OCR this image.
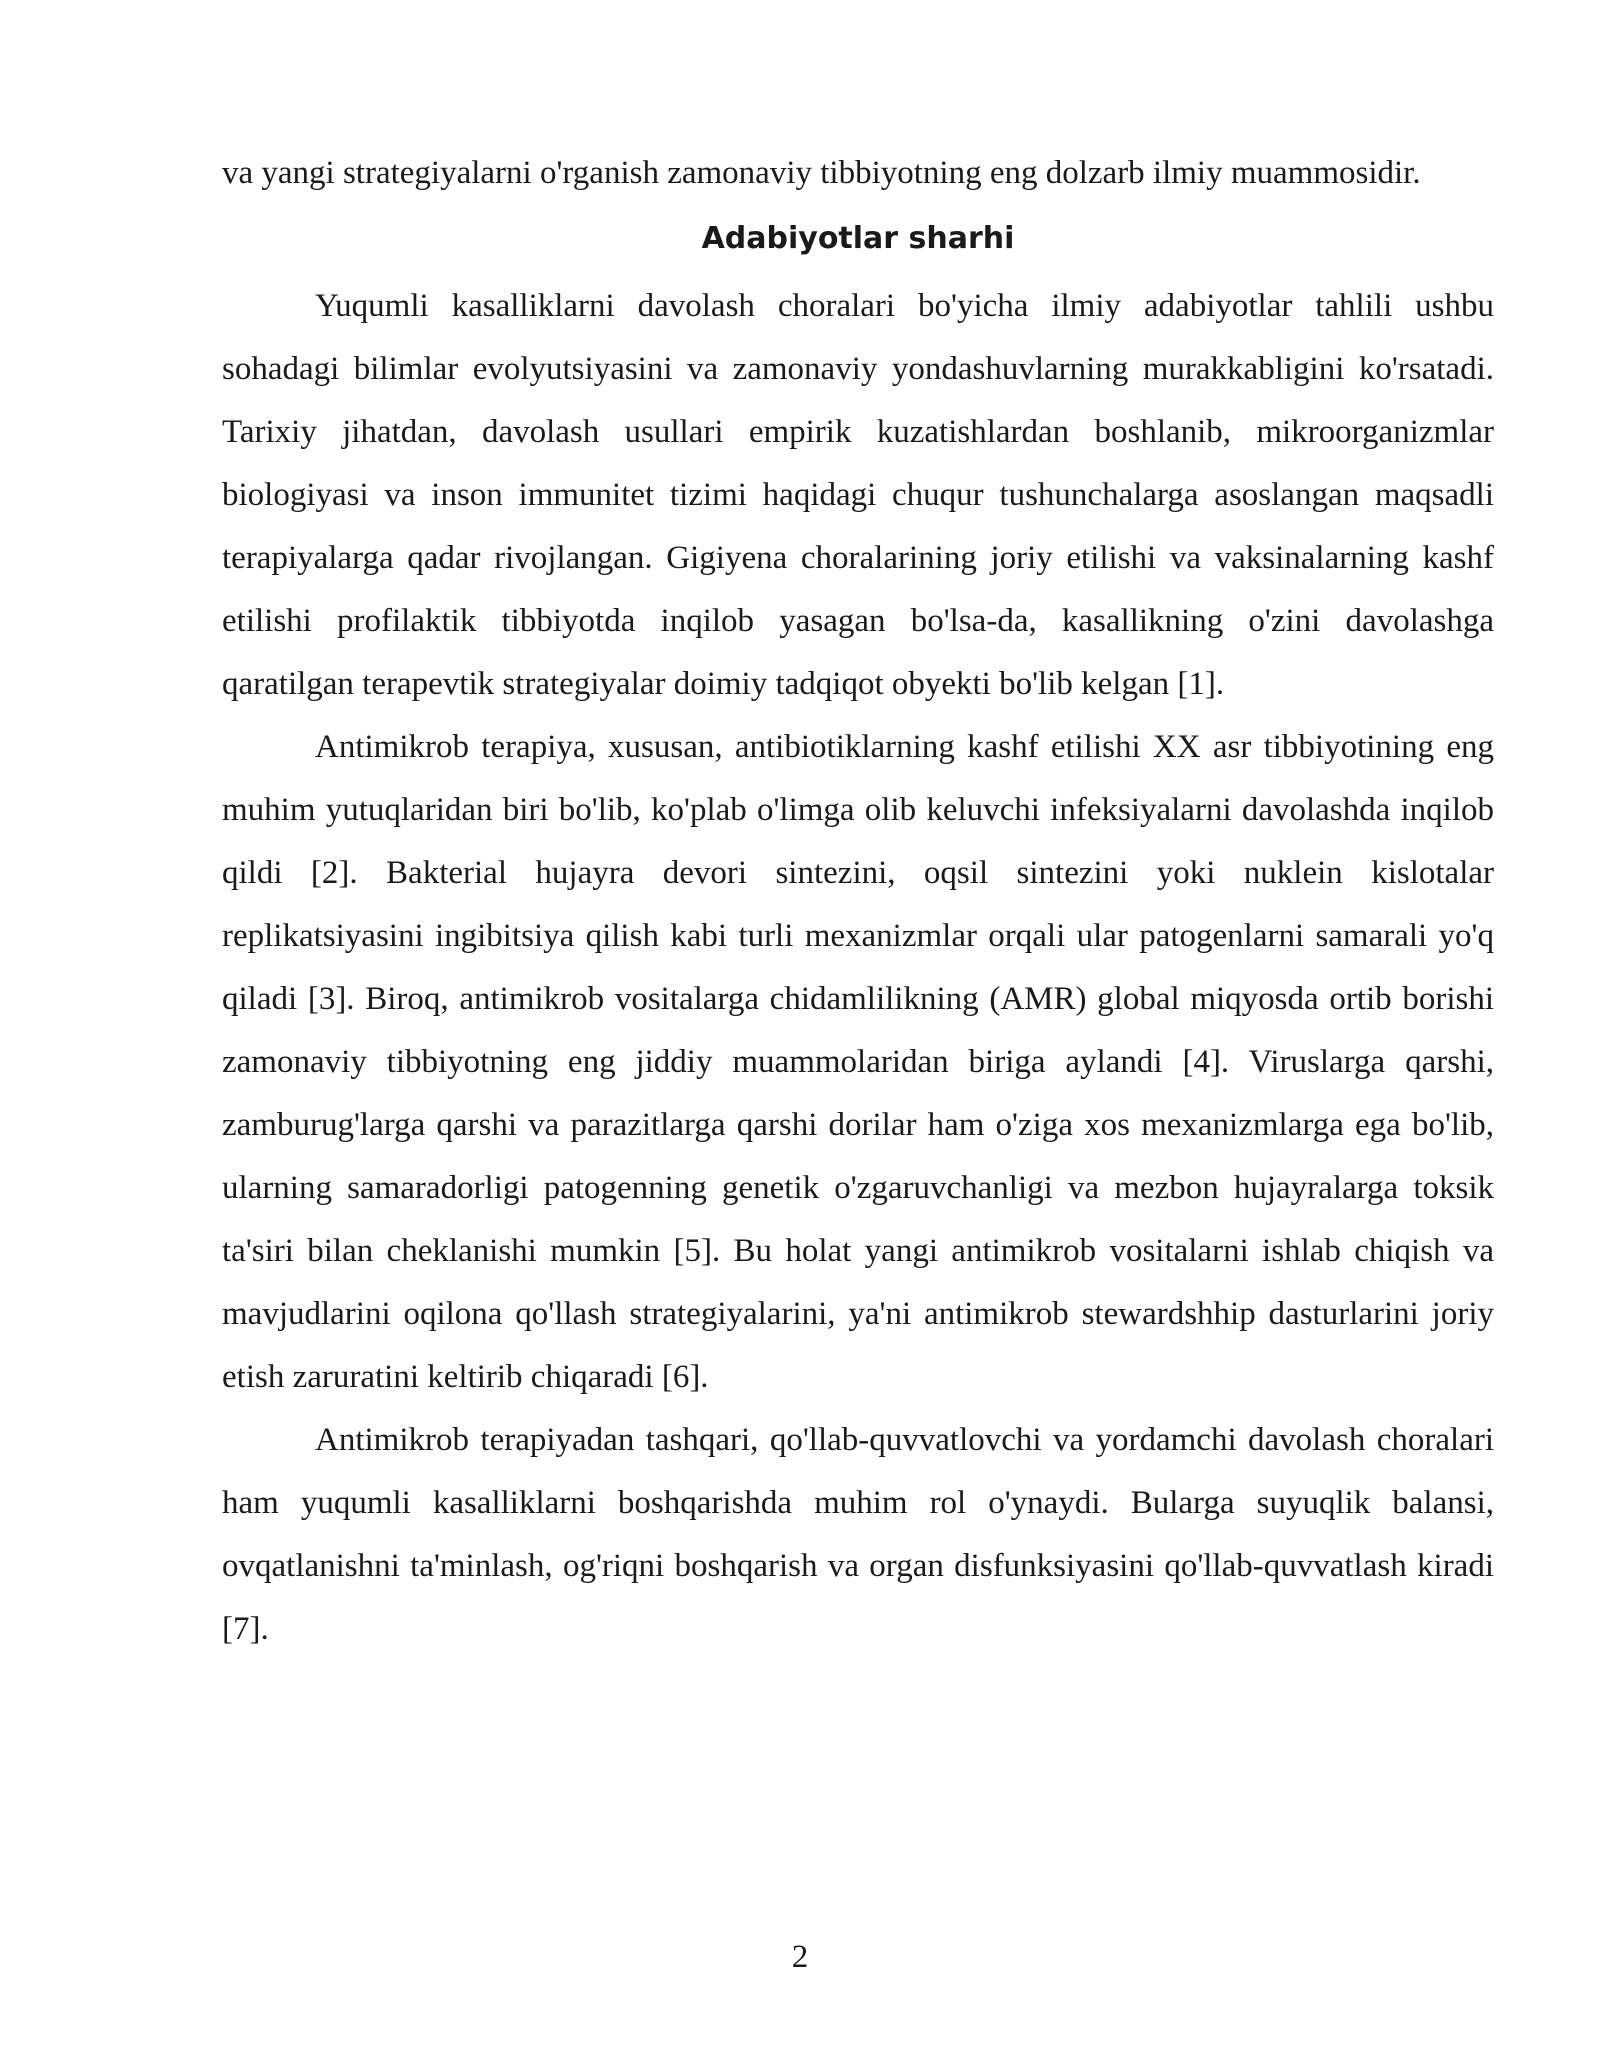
va yangi strategiyalarni o'rganish zamonaviy tibbiyotning eng dolzarb ilmiy muammosidir.

Adabiyotlar sharhi

Yuqumli kasalliklarni davolash choralari bo'yicha ilmiy adabiyotlar tahlili ushbu sohadagi bilimlar evolyutsiyasini va zamonaviy yondashuvlarning murakkabligini ko'rsatadi. Tarixiy jihatdan, davolash usullari empirik kuzatishlardan boshlanib, mikroorganizmlar biologiyasi va inson immunitet tizimi haqidagi chuqur tushunchalarga asoslangan maqsadli terapiyalarga qadar rivojlangan. Gigiyena choralarining joriy etilishi va vaksinalarning kashf etilishi profilaktik tibbiyotda inqilob yasagan bo'lsa-da, kasallikning o'zini davolashga qaratilgan terapevtik strategiyalar doimiy tadqiqot obyekti bo'lib kelgan [1].

Antimikrob terapiya, xususan, antibiotiklarning kashf etilishi XX asr tibbiyotining eng muhim yutuqlaridan biri bo'lib, ko'plab o'limga olib keluvchi infeksiyalarni davolashda inqilob qildi [2]. Bakterial hujayra devori sintezini, oqsil sintezini yoki nuklein kislotalar replikatsiyasini ingibitsiya qilish kabi turli mexanizmlar orqali ular patogenlarni samarali yo'q qiladi [3]. Biroq, antimikrob vositalarga chidamlilikning (AMR) global miqyosda ortib borishi zamonaviy tibbiyotning eng jiddiy muammolaridan biriga aylandi [4]. Viruslarga qarshi, zamburug'larga qarshi va parazitlarga qarshi dorilar ham o'ziga xos mexanizmlarga ega bo'lib, ularning samaradorligi patogenning genetik o'zgaruvchanligi va mezbon hujayralarga toksik ta'siri bilan cheklanishi mumkin [5]. Bu holat yangi antimikrob vositalarni ishlab chiqish va mavjudlarini oqilona qo'llash strategiyalarini, ya'ni antimikrob stewardshhip dasturlarini joriy etish zaruratini keltirib chiqaradi [6].

Antimikrob terapiyadan tashqari, qo'llab-quvvatlovchi va yordamchi davolash choralari ham yuqumli kasalliklarni boshqarishda muhim rol o'ynaydi. Bularga suyuqlik balansi, ovqatlanishni ta'minlash, og'riqni boshqarish va organ disfunksiyasini qo'llab-quvvatlash kiradi [7].

2
